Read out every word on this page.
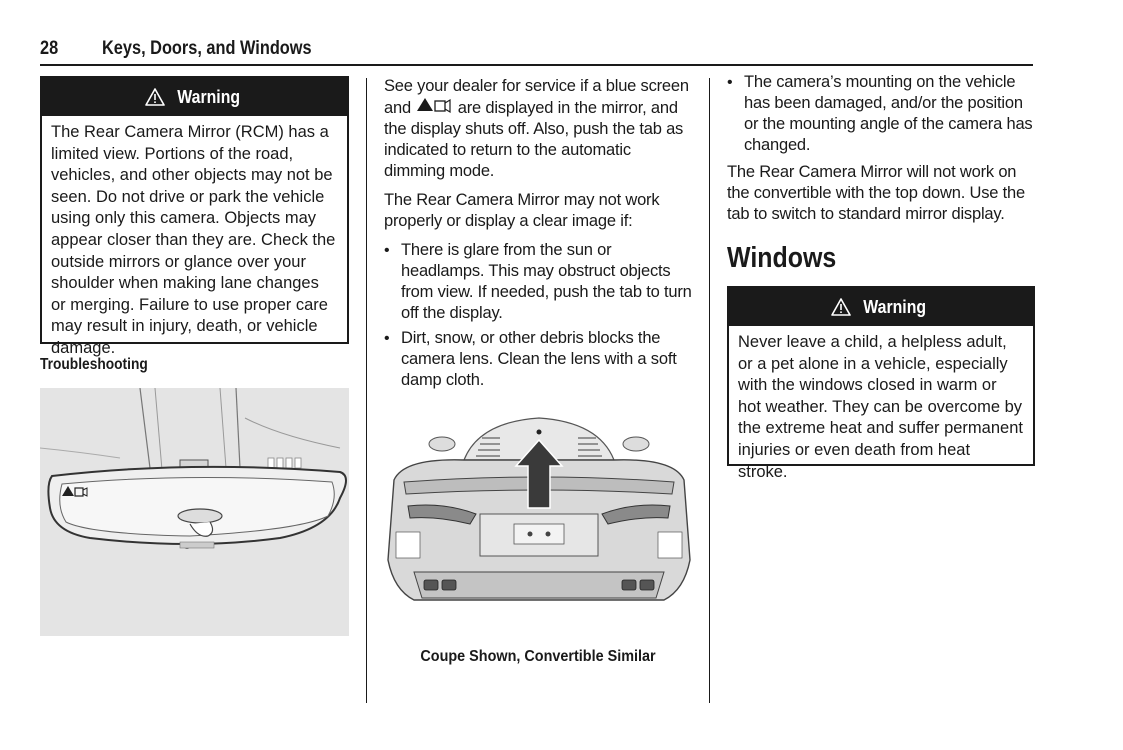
28 Keys, Doors, and Windows
Warning
The Rear Camera Mirror (RCM) has a limited view. Portions of the road, vehicles, and other objects may not be seen. Do not drive or park the vehicle using only this camera. Objects may appear closer than they are. Check the outside mirrors or glance over your shoulder when making lane changes or merging. Failure to use proper care may result in injury, death, or vehicle damage.
Troubleshooting

See your dealer for service if a blue screen and	are displayed in the mirror, and the display shuts off. Also, push the tab as indicated to return to the automatic dimming mode.

The Rear Camera Mirror may not work properly or display a clear image if:

• There is glare from the sun or headlamps. This may obstruct objects from view. If needed, push the tab to turn off the display.
• Dirt, snow, or other debris blocks the camera lens. Clean the lens with a soft damp cloth.
Coupe Shown, Convertible Similar
• The camera’s mounting on the vehicle has been damaged, and/or the position or the mounting angle of the camera has changed.

The Rear Camera Mirror will not work on the convertible with the top down. Use the tab to switch to standard mirror display.

Windows
Warning
Never leave a child, a helpless adult, or a pet alone in a vehicle, especially with the windows closed in warm or hot weather. They can be overcome by the extreme heat and suffer permanent injuries or even death from heat stroke.
